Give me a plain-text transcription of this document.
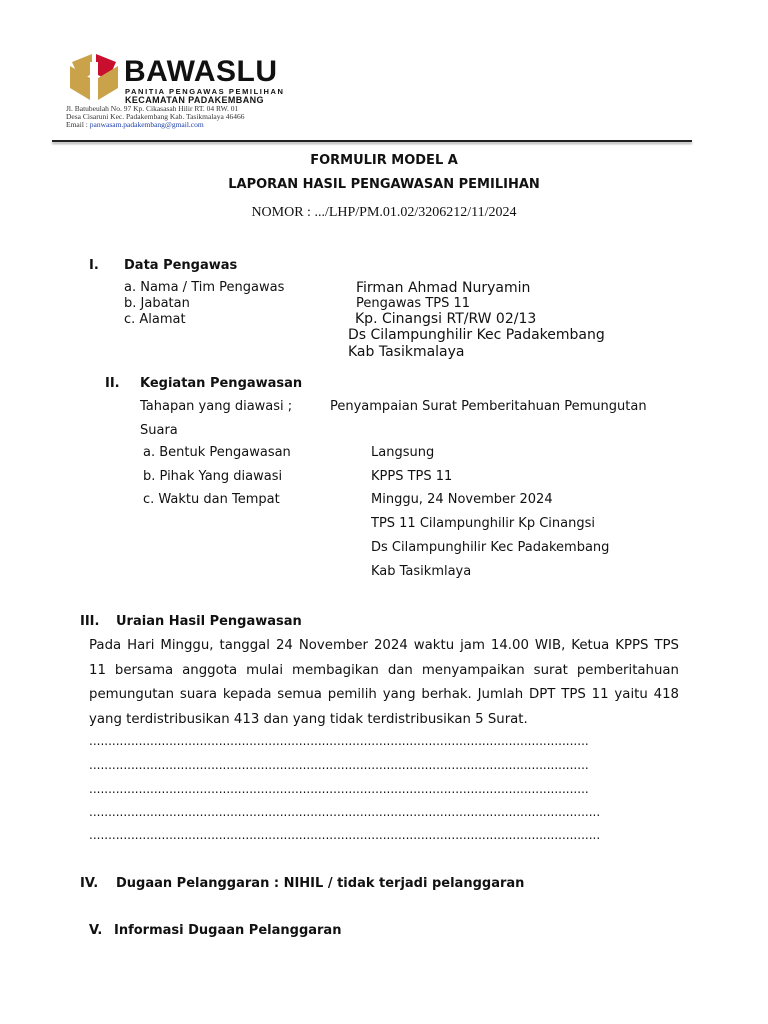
BAWASLU
PANITIA PENGAWAS PEMILIHAN
KECAMATAN PADAKEMBANG
Jl. Batubeulah No. 97 Kp. Cikasasah Hilir RT. 04 RW. 01
Desa Cisaruni Kec. Padakembang Kab. Tasikmalaya 46466
Email : panwasam.padakembang@gmail.com
FORMULIR MODEL A
LAPORAN HASIL PENGAWASAN PEMILIHAN
NOMOR : .../LHP/PM.01.02/3206212/11/2024
I. Data Pengawas
a. Nama / Tim Pengawas	Firman Ahmad Nuryamin
b. Jabatan	Pengawas TPS 11
c. Alamat	Kp. Cinangsi RT/RW 02/13
Ds Cilampunghilir Kec Padakembang
Kab Tasikmalaya
II. Kegiatan Pengawasan
Tahapan yang diawasi ;	Penyampaian Surat Pemberitahuan Pemungutan
Suara
a. Bentuk Pengawasan	Langsung
b. Pihak Yang diawasi	KPPS TPS 11
c. Waktu dan Tempat	Minggu, 24 November 2024
TPS 11 Cilampunghilir Kp Cinangsi
Ds Cilampunghilir Kec Padakembang
Kab Tasikmlaya
III. Uraian Hasil Pengawasan
Pada Hari Minggu, tanggal 24 November 2024 waktu jam 14.00 WIB, Ketua KPPS TPS
11 bersama anggota mulai membagikan dan menyampaikan surat pemberitahuan
pemungutan suara kepada semua pemilih yang berhak. Jumlah DPT TPS 11 yaitu 418
yang terdistribusikan 413 dan yang tidak terdistribusikan 5 Surat.
...................................................................................................................................
...................................................................................................................................
...................................................................................................................................
......................................................................................................................................
......................................................................................................................................
IV. Dugaan Pelanggaran : NIHIL / tidak terjadi pelanggaran
V. Informasi Dugaan Pelanggaran
